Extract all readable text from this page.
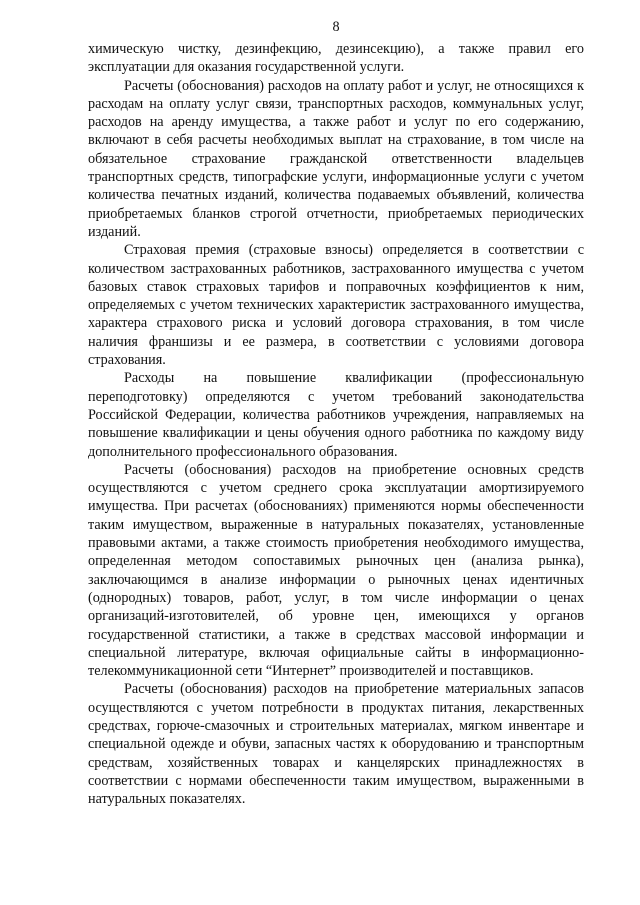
8

химическую чистку, дезинфекцию, дезинсекцию), а также правил его эксплуатации для оказания государственной услуги.

Расчеты (обоснования) расходов на оплату работ и услуг, не относящихся к расходам на оплату услуг связи, транспортных расходов, коммунальных услуг, расходов на аренду имущества, а также работ и услуг по его содержанию, включают в себя расчеты необходимых выплат на страхование, в том числе на обязательное страхование гражданской ответственности владельцев транспортных средств, типографские услуги, информационные услуги с учетом количества печатных изданий, количества подаваемых объявлений, количества приобретаемых бланков строгой отчетности, приобретаемых периодических изданий.

Страховая премия (страховые взносы) определяется в соответствии с количеством застрахованных работников, застрахованного имущества с учетом базовых ставок страховых тарифов и поправочных коэффициентов к ним, определяемых с учетом технических характеристик застрахованного имущества, характера страхового риска и условий договора страхования, в том числе наличия франшизы и ее размера, в соответствии с условиями договора страхования.

Расходы на повышение квалификации (профессиональную переподготовку) определяются с учетом требований законодательства Российской Федерации, количества работников учреждения, направляемых на повышение квалификации и цены обучения одного работника по каждому виду дополнительного профессионального образования.

Расчеты (обоснования) расходов на приобретение основных средств осуществляются с учетом среднего срока эксплуатации амортизируемого имущества. При расчетах (обоснованиях) применяются нормы обеспеченности таким имуществом, выраженные в натуральных показателях, установленные правовыми актами, а также стоимость приобретения необходимого имущества, определенная методом сопоставимых рыночных цен (анализа рынка), заключающимся в анализе информации о рыночных ценах идентичных (однородных) товаров, работ, услуг, в том числе информации о ценах организаций-изготовителей, об уровне цен, имеющихся у органов государственной статистики, а также в средствах массовой информации и специальной литературе, включая официальные сайты в информационно-телекоммуникационной сети “Интернет” производителей и поставщиков.

Расчеты (обоснования) расходов на приобретение материальных запасов осуществляются с учетом потребности в продуктах питания, лекарственных средствах, горюче-смазочных и строительных материалах, мягком инвентаре и специальной одежде и обуви, запасных частях к оборудованию и транспортным средствам, хозяйственных товарах и канцелярских принадлежностях в соответствии с нормами обеспеченности таким имуществом, выраженными в натуральных показателях.
